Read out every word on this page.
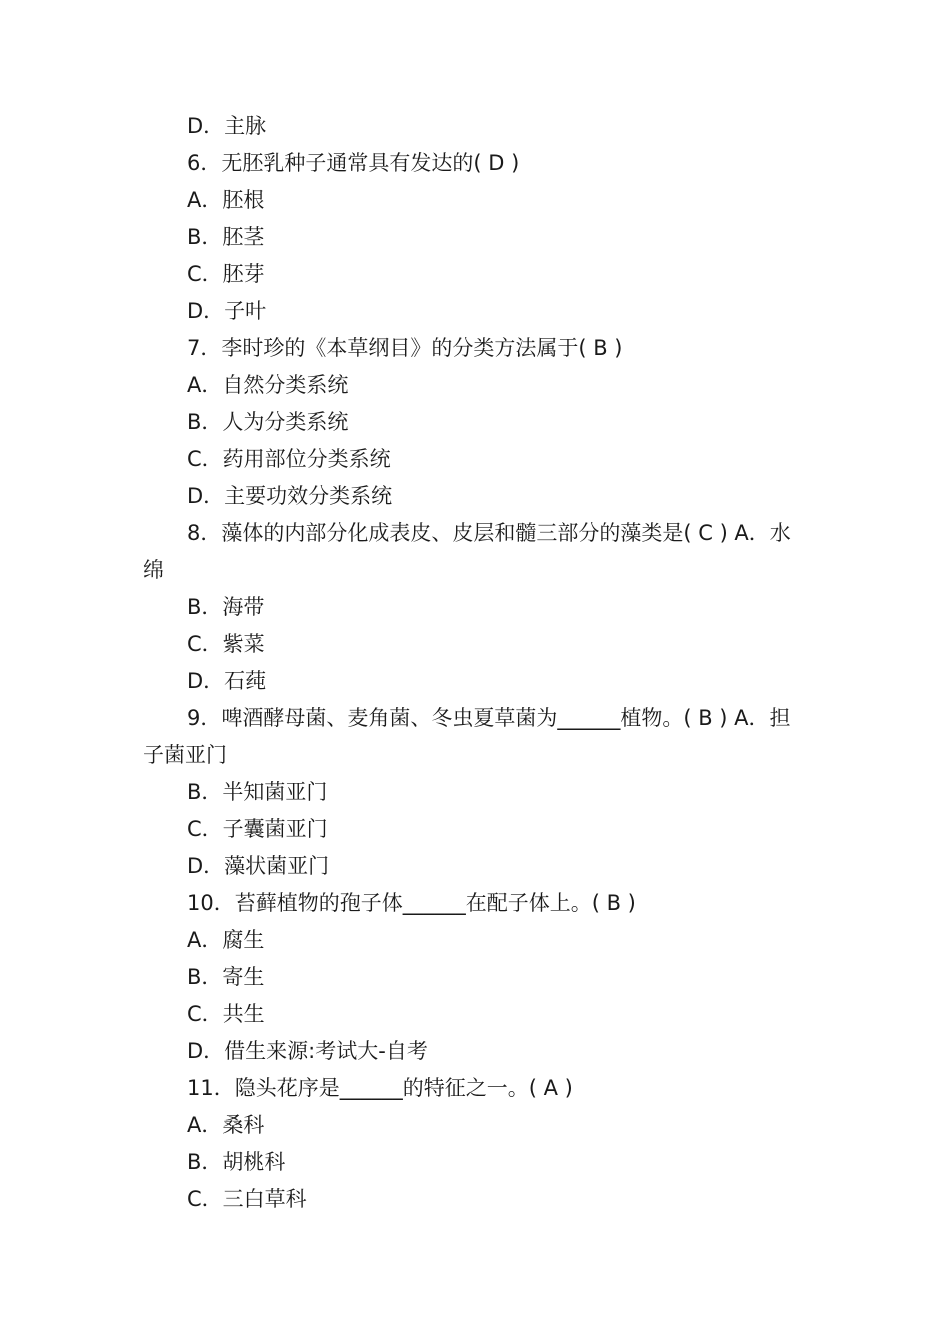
D．主脉
6．无胚乳种子通常具有发达的( D )
A．胚根
B．胚茎
C．胚芽
D．子叶
7．李时珍的《本草纲目》的分类方法属于( B )
A．自然分类系统
B．人为分类系统
C．药用部位分类系统
D．主要功效分类系统
8．藻体的内部分化成表皮、皮层和髓三部分的藻类是( C ) A．水
绵
B．海带
C．紫菜
D．石莼
9．啤酒酵母菌、麦角菌、冬虫夏草菌为______植物。( B ) A．担
子菌亚门
B．半知菌亚门
C．子囊菌亚门
D．藻状菌亚门
10．苔藓植物的孢子体______在配子体上。( B )
A．腐生
B．寄生
C．共生
D．借生来源:考试大-自考
11．隐头花序是______的特征之一。( A )
A．桑科
B．胡桃科
C．三白草科
